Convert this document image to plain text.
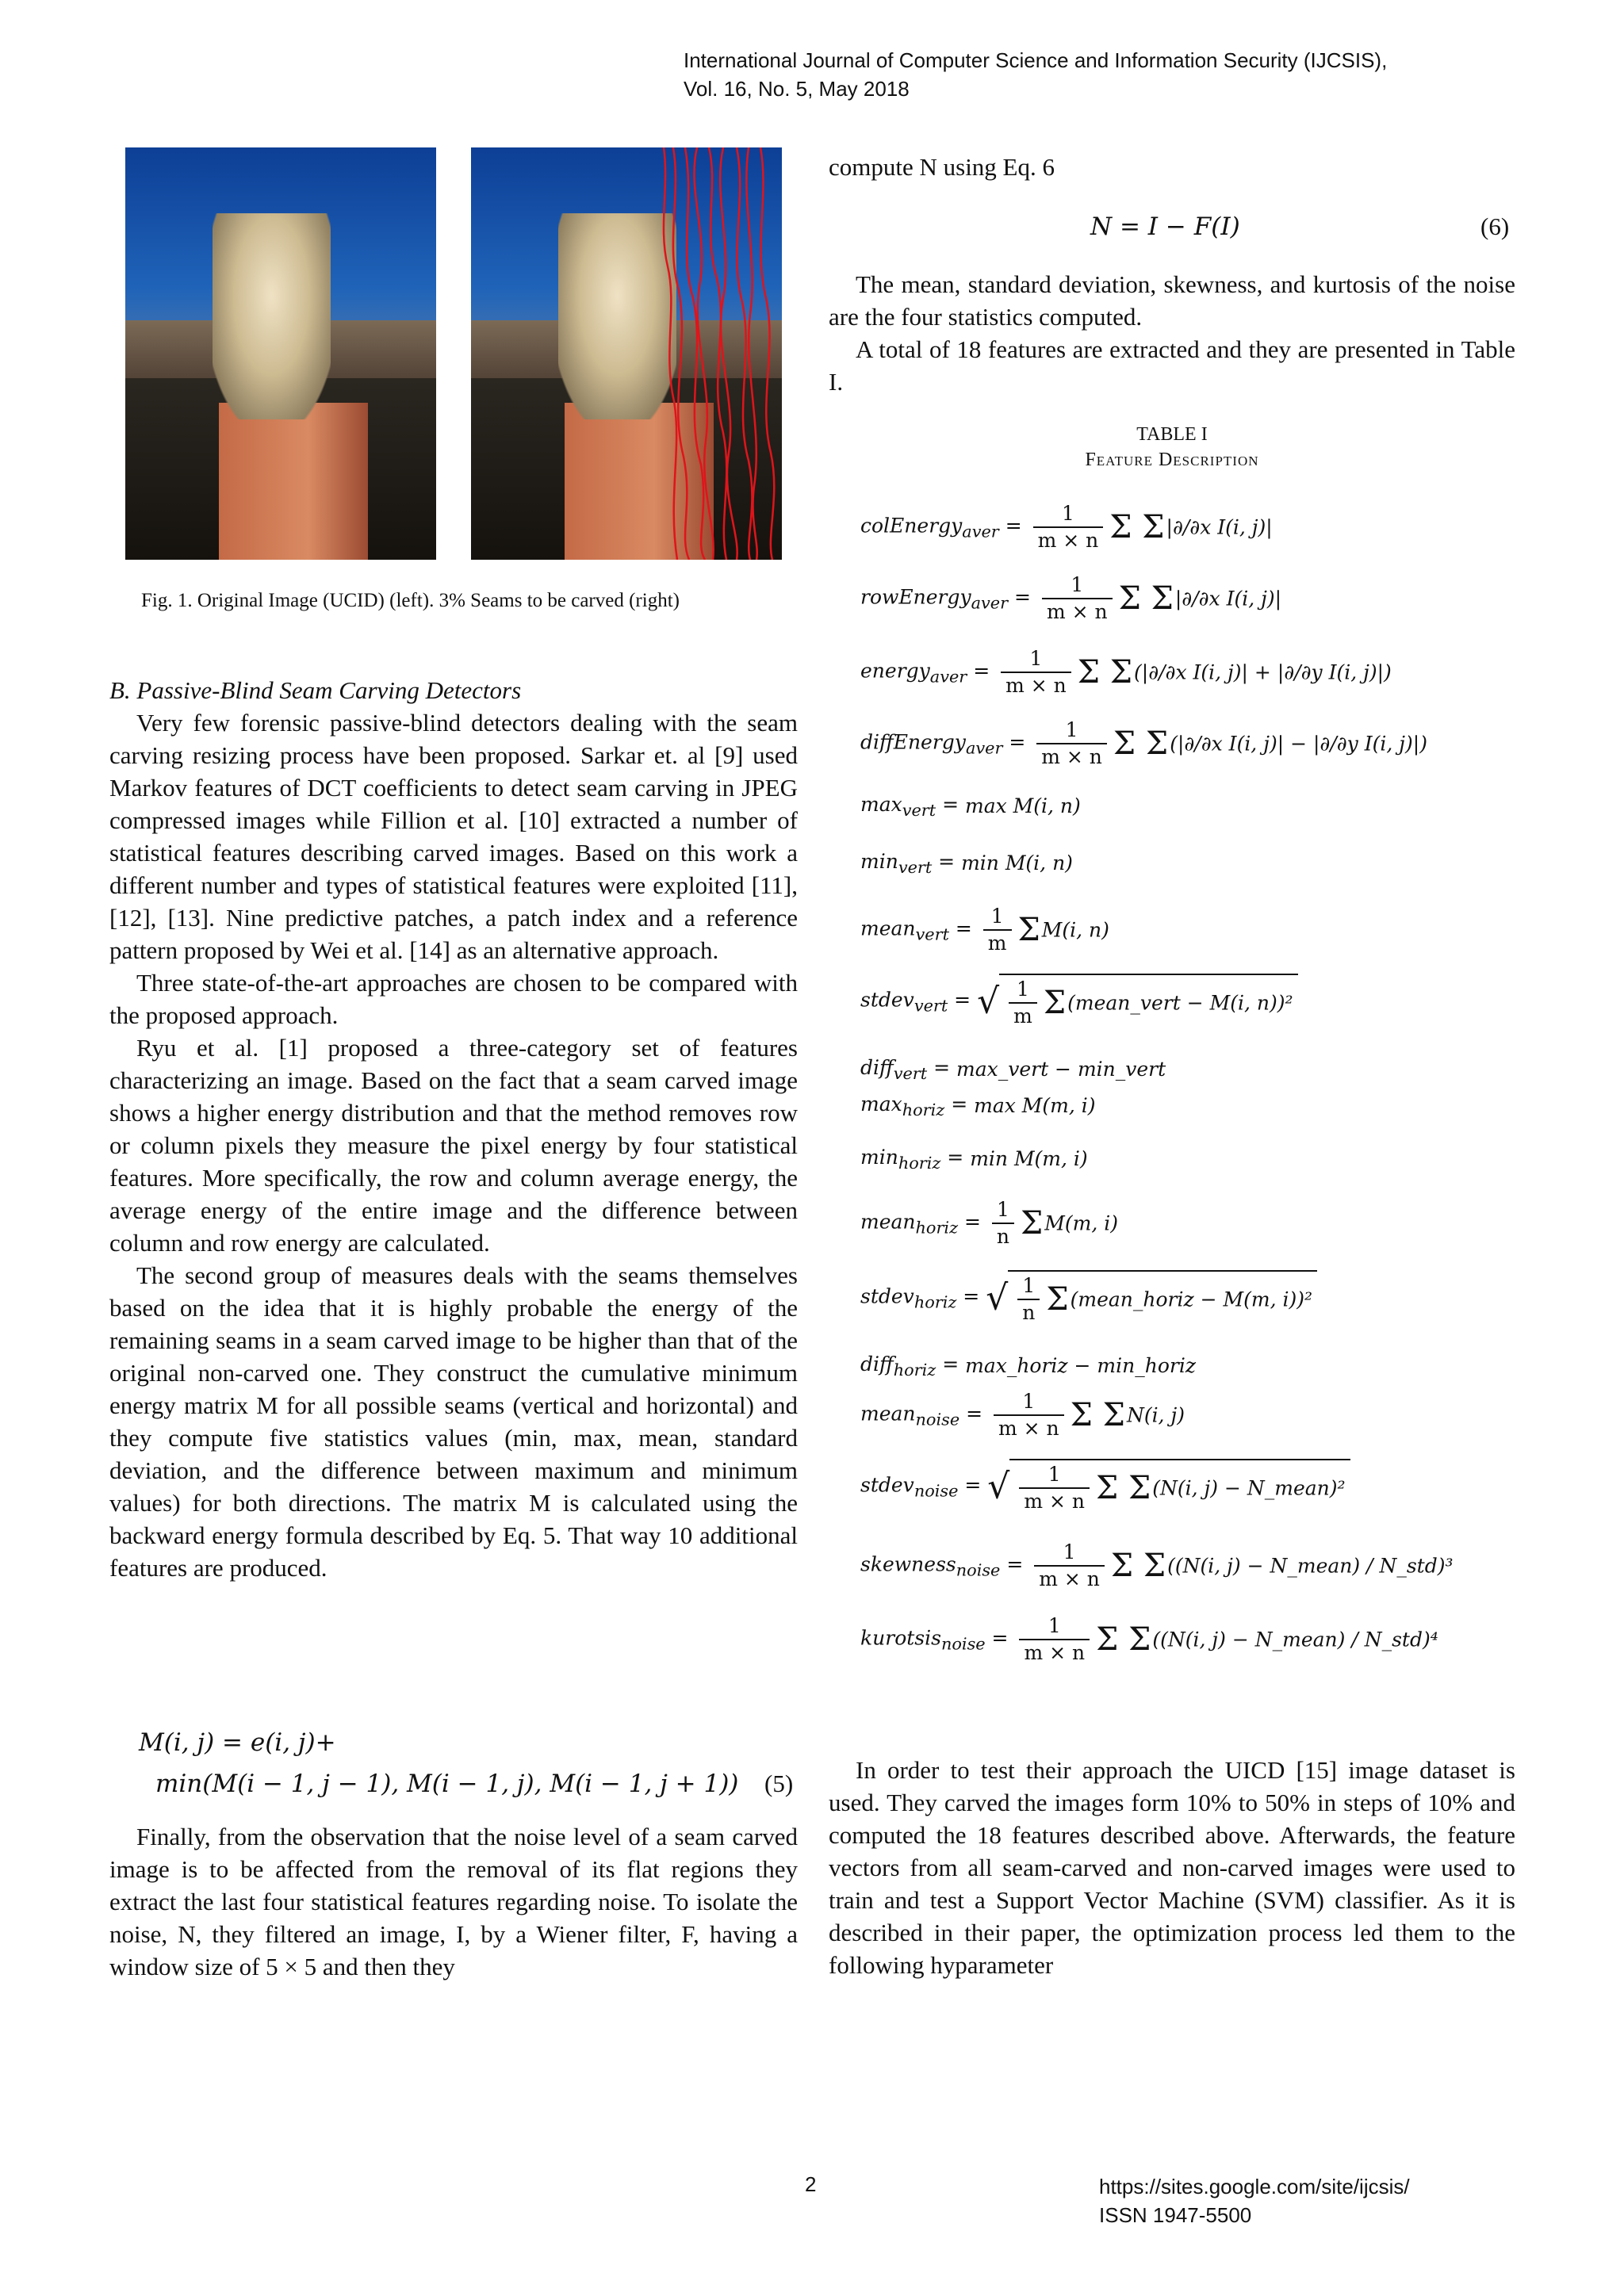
International Journal of Computer Science and Information Security (IJCSIS),
Vol. 16, No. 5, May 2018
Fig. 1. Original Image (UCID) (left). 3% Seams to be carved (right)

B. Passive-Blind Seam Carving Detectors

Very few forensic passive-blind detectors dealing with the seam carving resizing process have been proposed. Sarkar et. al [9] used Markov features of DCT coefficients to detect seam carving in JPEG compressed images while Fillion et al. [10] extracted a number of statistical features describing carved images. Based on this work a different number and types of statistical features were exploited [11], [12], [13]. Nine predictive patches, a patch index and a reference pattern proposed by Wei et al. [14] as an alternative approach.

Three state-of-the-art approaches are chosen to be compared with the proposed approach.

Ryu et al. [1] proposed a three-category set of features characterizing an image. Based on the fact that a seam carved image shows a higher energy distribution and that the method removes row or column pixels they measure the pixel energy by four statistical features. More specifically, the row and column average energy, the average energy of the entire image and the difference between column and row energy are calculated.

The second group of measures deals with the seams themselves based on the idea that it is highly probable the energy of the remaining seams in a seam carved image to be higher than that of the original non-carved one. They construct the cumulative minimum energy matrix M for all possible seams (vertical and horizontal) and they compute five statistics values (min, max, mean, standard deviation, and the difference between maximum and minimum values) for both directions. The matrix M is calculated using the backward energy formula described by Eq. 5. That way 10 additional features are produced.

M(i, j) = e(i, j)+
min(M(i − 1, j − 1), M(i − 1, j), M(i − 1, j + 1)) (5)

Finally, from the observation that the noise level of a seam carved image is to be affected from the removal of its flat regions they extract the last four statistical features regarding noise. To isolate the noise, N, they filtered an image, I, by a Wiener filter, F, having a window size of 5 × 5 and then they

compute N using Eq. 6

N = I − F(I)	(6)

The mean, standard deviation, skewness, and kurtosis of the noise are the four statistics computed.

A total of 18 features are extracted and they are presented in Table I.

TABLE I
Feature Description
colEnergy$_{aver}$ = $\frac{1}{m \times n}$ Σ Σ|∂/∂x I(i, j)|
rowEnergy$_{aver}$ = $\frac{1}{m \times n}$ Σ Σ|∂/∂x I(i, j)|
energy$_{aver}$ = $\frac{1}{m \times n}$ Σ Σ(|∂/∂x I(i, j)| + |∂/∂y I(i, j)|)
diffEnergy$_{aver}$ = $\frac{1}{m \times n}$ Σ Σ(|∂/∂x I(i, j)| − |∂/∂y I(i, j)|)
$\max_{vert} = \max M(i$, n)
$\min_{vert} = \min M(i$, n)
mean$_{vert}$ = $\frac{1}{m} \Sigma M(i$, n)
stdev$_{vert}$ = √ $\frac{1}{m}$ Σ(mean_vert − M(i, n))²
diff$_{vert}$ = max_vert − min_vert
$\max_{horiz} = \max M(m$, i)
$\min_{horiz} = \min M(m$, i)
mean$_{horiz}$ = $\frac{1}{n} \Sigma M(m$, i)
stdev$_{horiz}$ = √ $\frac{1}{n}$ Σ(mean_horiz − M(m, i))²
diff$_{horiz}$ = max_horiz − min_horiz
mean$_{noise}$ = $\frac{1}{m \times n}$ Σ ΣN(i, j)
stdev$_{noise}$ = √ $\frac{1}{m \times n}$ Σ Σ(N(i, j) − N_mean)²
skewness$_{noise}$ = $\frac{1}{m \times n}$ Σ Σ((N(i, j) − N_mean) / N_std)³
kurotsis$_{noise}$ = $\frac{1}{m \times n}$ Σ Σ((N(i, j) − N_mean) / N_std)⁴

In order to test their approach the UICD [15] image dataset is used. They carved the images form 10% to 50% in steps of 10% and computed the 18 features described above. Afterwards, the feature vectors from all seam-carved and non-carved images were used to train and test a Support Vector Machine (SVM) classifier. As it is described in their paper, the optimization process led them to the following hyparameter

2	https://sites.google.com/site/ijcsis/
ISSN 1947-5500
